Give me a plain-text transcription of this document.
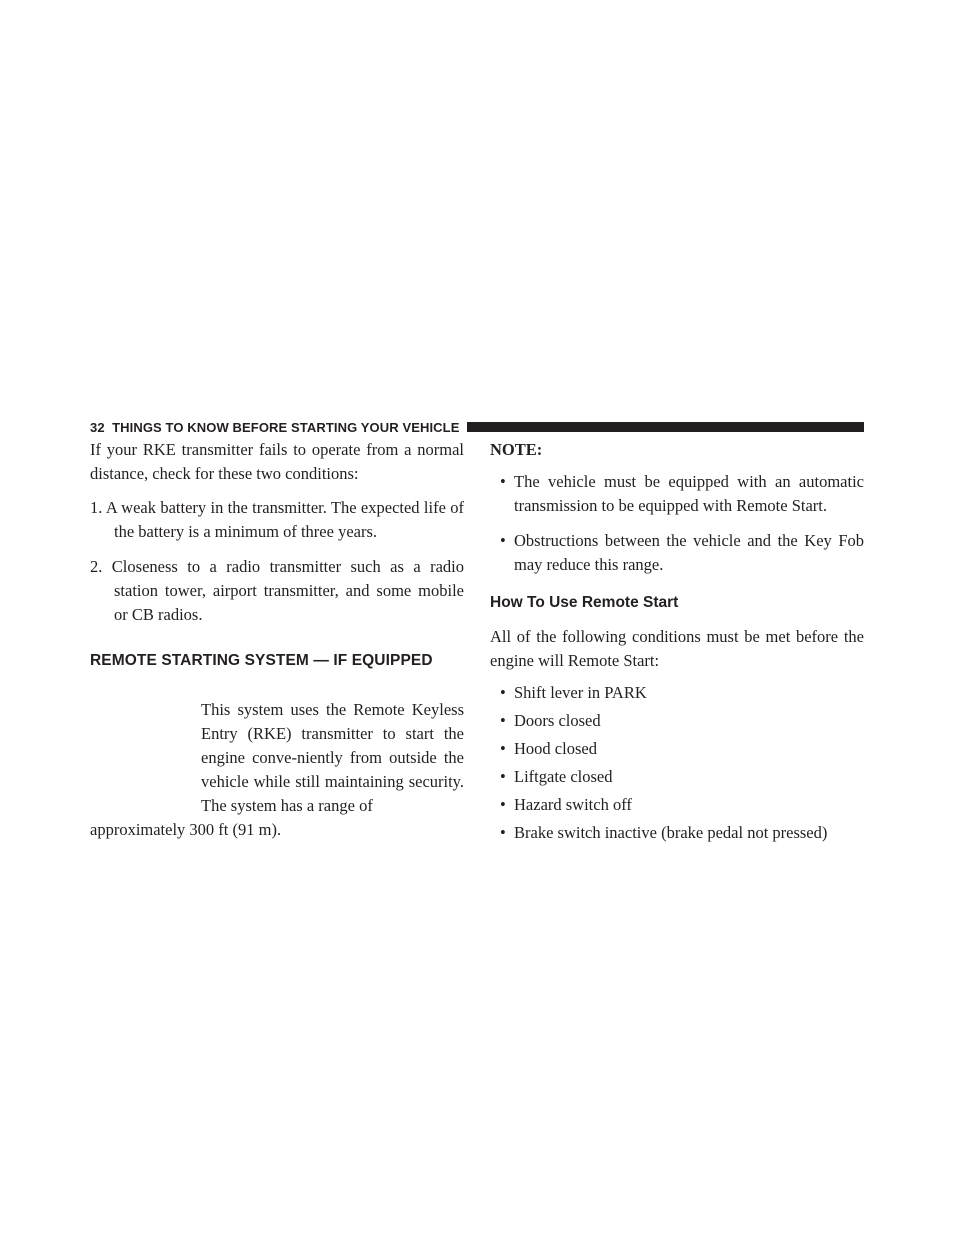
32 THINGS TO KNOW BEFORE STARTING YOUR VEHICLE

If your RKE transmitter fails to operate from a normal distance, check for these two conditions:

1. A weak battery in the transmitter. The expected life of the battery is a minimum of three years.
2. Closeness to a radio transmitter such as a radio station tower, airport transmitter, and some mobile or CB radios.
REMOTE STARTING SYSTEM — IF EQUIPPED

This system uses the Remote Keyless Entry (RKE) transmitter to start the engine conve-niently from outside the vehicle while still maintaining security. The system has a range of

approximately 300 ft (91 m).

NOTE:
• The vehicle must be equipped with an automatic transmission to be equipped with Remote Start.
• Obstructions between the vehicle and the Key Fob may reduce this range.
How To Use Remote Start

All of the following conditions must be met before the engine will Remote Start:

• Shift lever in PARK
• Doors closed
• Hood closed
• Liftgate closed
• Hazard switch off
• Brake switch inactive (brake pedal not pressed)
